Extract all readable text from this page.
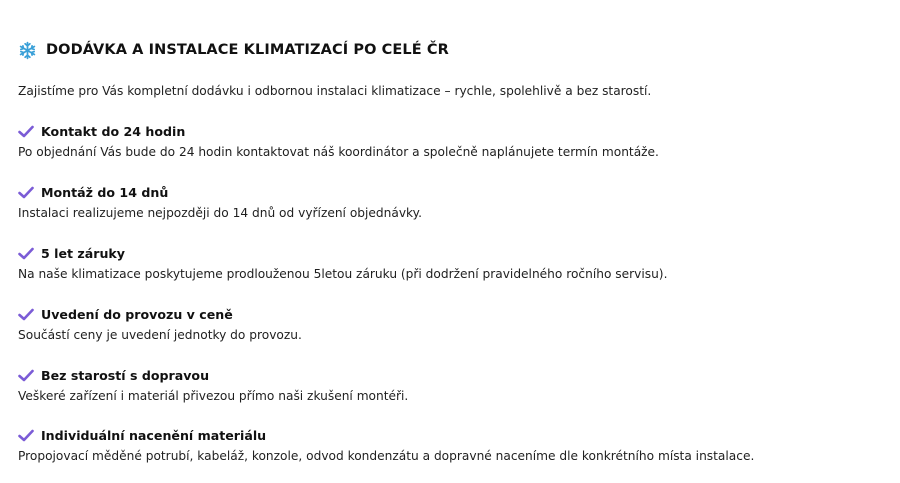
DODÁVKA A INSTALACE KLIMATIZACÍ PO CELÉ ČR
Zajistíme pro Vás kompletní dodávku i odbornou instalaci klimatizace – rychle, spolehlivě a bez starostí.
Kontakt do 24 hodin
Po objednání Vás bude do 24 hodin kontaktovat náš koordinátor a společně naplánujete termín montáže.
Montáž do 14 dnů
Instalaci realizujeme nejpozději do 14 dnů od vyřízení objednávky.
5 let záruky
Na naše klimatizace poskytujeme prodlouženou 5letou záruku (při dodržení pravidelného ročního servisu).
Uvedení do provozu v ceně
Součástí ceny je uvedení jednotky do provozu.
Bez starostí s dopravou
Veškeré zařízení i materiál přivezou přímo naši zkušení montéři.
Individuální nacenění materiálu
Propojovací měděné potrubí, kabeláž, konzole, odvod kondenzátu a dopravné naceníme dle konkrétního místa instalace.
